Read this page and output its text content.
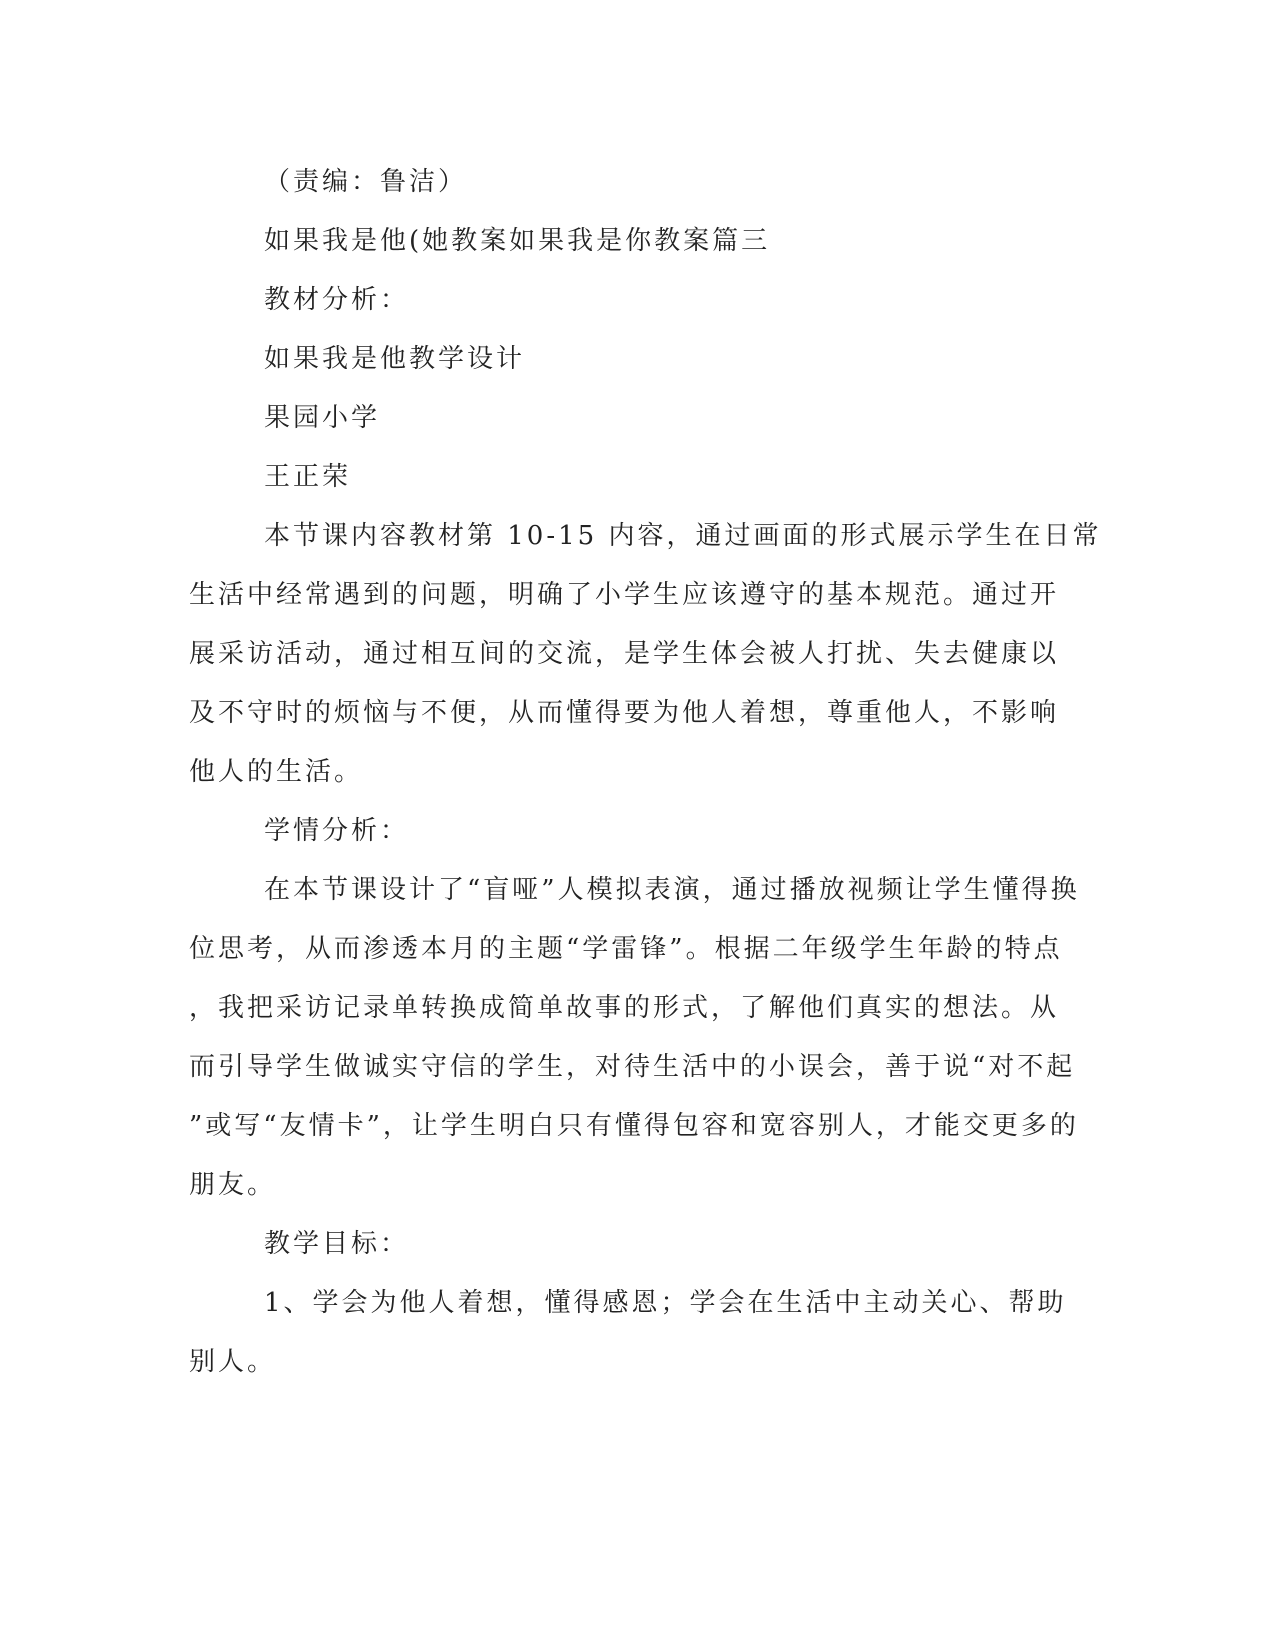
（责编：鲁洁）
如果我是他(她教案如果我是你教案篇三
教材分析：
如果我是他教学设计
果园小学
王正荣
本节课内容教材第 10-15 内容，通过画面的形式展示学生在日常
生活中经常遇到的问题，明确了小学生应该遵守的基本规范。通过开
展采访活动，通过相互间的交流，是学生体会被人打扰、失去健康以
及不守时的烦恼与不便，从而懂得要为他人着想，尊重他人，不影响
他人的生活。
学情分析：
在本节课设计了“盲哑”人模拟表演，通过播放视频让学生懂得换
位思考，从而渗透本月的主题“学雷锋”。根据二年级学生年龄的特点
，我把采访记录单转换成简单故事的形式，了解他们真实的想法。从
而引导学生做诚实守信的学生，对待生活中的小误会，善于说“对不起
”或写“友情卡”，让学生明白只有懂得包容和宽容别人，才能交更多的
朋友。
教学目标：
1、学会为他人着想，懂得感恩；学会在生活中主动关心、帮助
别人。
